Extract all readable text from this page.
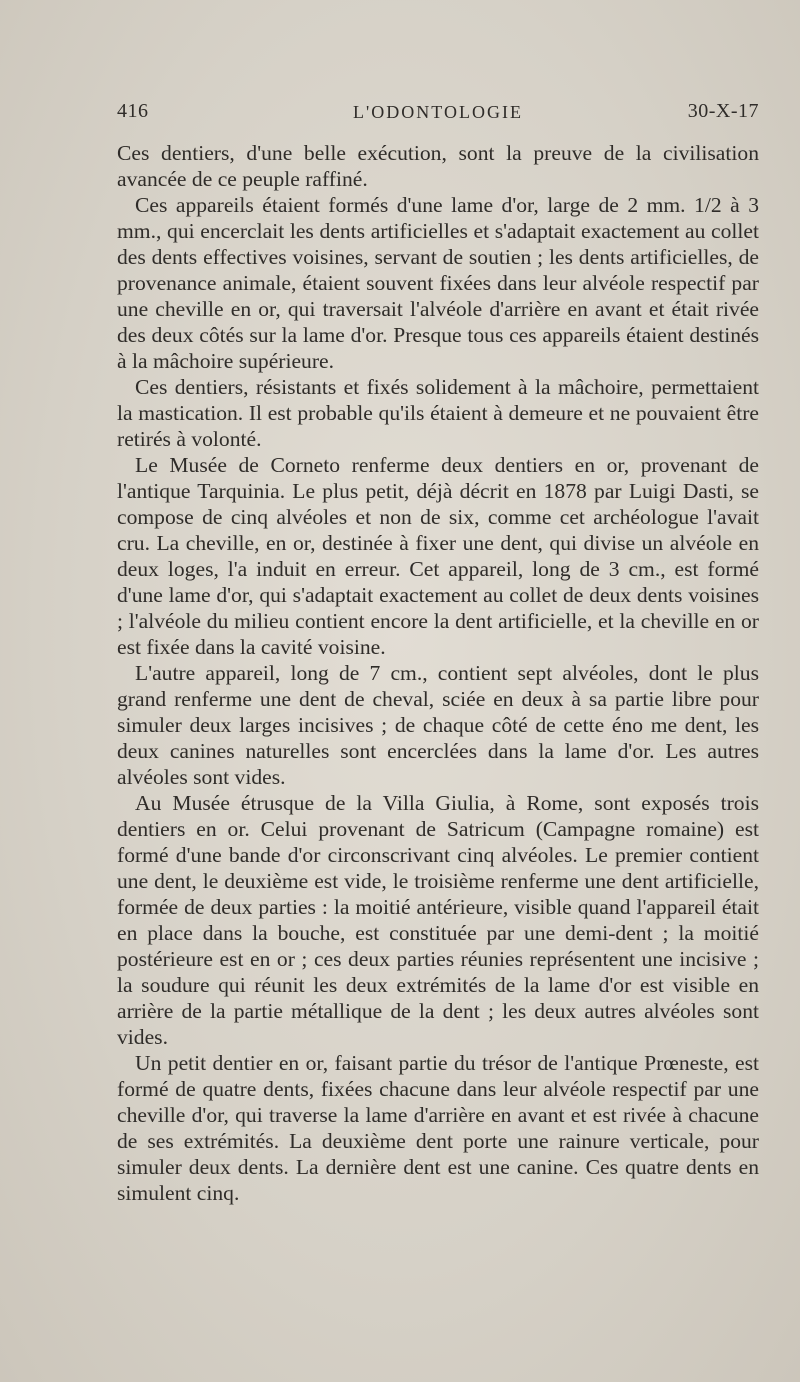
416	L'ODONTOLOGIE	30-X-17

Ces dentiers, d'une belle exécution, sont la preuve de la civilisation avancée de ce peuple raffiné.

Ces appareils étaient formés d'une lame d'or, large de 2 mm. 1/2 à 3 mm., qui encerclait les dents artificielles et s'adaptait exactement au collet des dents effectives voisines, servant de soutien ; les dents artificielles, de provenance animale, étaient souvent fixées dans leur alvéole respectif par une cheville en or, qui traversait l'alvéole d'arrière en avant et était rivée des deux côtés sur la lame d'or. Presque tous ces appareils étaient destinés à la mâchoire supérieure.

Ces dentiers, résistants et fixés solidement à la mâchoire, permettaient la mastication. Il est probable qu'ils étaient à demeure et ne pouvaient être retirés à volonté.

Le Musée de Corneto renferme deux dentiers en or, provenant de l'antique Tarquinia. Le plus petit, déjà décrit en 1878 par Luigi Dasti, se compose de cinq alvéoles et non de six, comme cet archéologue l'avait cru. La cheville, en or, destinée à fixer une dent, qui divise un alvéole en deux loges, l'a induit en erreur. Cet appareil, long de 3 cm., est formé d'une lame d'or, qui s'adaptait exactement au collet de deux dents voisines ; l'alvéole du milieu contient encore la dent artificielle, et la cheville en or est fixée dans la cavité voisine.

L'autre appareil, long de 7 cm., contient sept alvéoles, dont le plus grand renferme une dent de cheval, sciée en deux à sa partie libre pour simuler deux larges incisives ; de chaque côté de cette éno me dent, les deux canines naturelles sont encerclées dans la lame d'or. Les autres alvéoles sont vides.

Au Musée étrusque de la Villa Giulia, à Rome, sont exposés trois dentiers en or. Celui provenant de Satricum (Campagne romaine) est formé d'une bande d'or circonscrivant cinq alvéoles. Le premier contient une dent, le deuxième est vide, le troisième renferme une dent artificielle, formée de deux parties : la moitié antérieure, visible quand l'appareil était en place dans la bouche, est constituée par une demi-dent ; la moitié postérieure est en or ; ces deux parties réunies représentent une incisive ; la soudure qui réunit les deux extrémités de la lame d'or est visible en arrière de la partie métallique de la dent ; les deux autres alvéoles sont vides.

Un petit dentier en or, faisant partie du trésor de l'antique Prœneste, est formé de quatre dents, fixées chacune dans leur alvéole respectif par une cheville d'or, qui traverse la lame d'arrière en avant et est rivée à chacune de ses extrémités. La deuxième dent porte une rainure verticale, pour simuler deux dents. La dernière dent est une canine. Ces quatre dents en simulent cinq.
